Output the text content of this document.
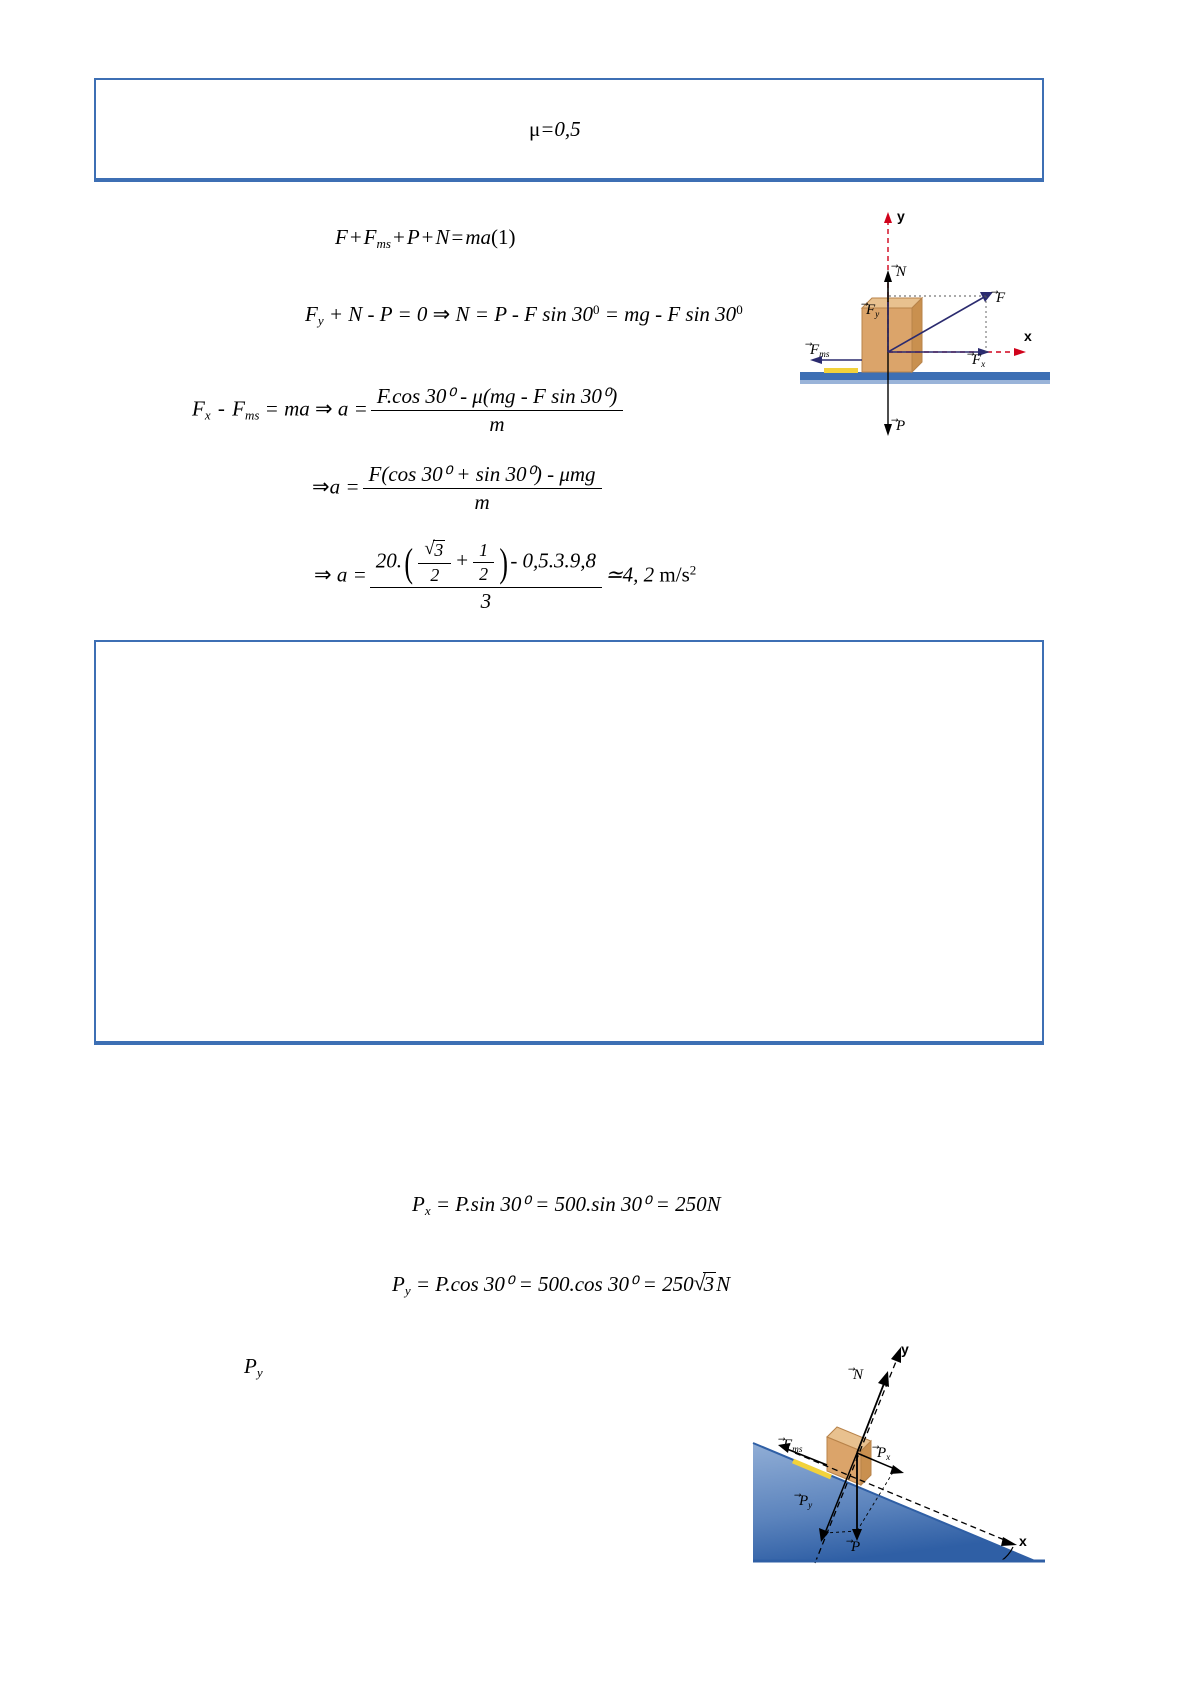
μ=0,5
$F+F_{ms}+P+N=ma(1)$
$F_y + N - P = 0$ ⇒ N = P - F $\sin 30^0$ = mg - F $\sin 30^0$
$F_x - F_{ms}$ = ma ⇒ $a = \frac{\text{F.cos 30⁰ - μ(mg - F sin 30⁰)}}{m}$
⇒a = $\frac{\text{F(cos 30⁰ + sin 30⁰) - μmg}}{m}$
⇒ $a = \frac{20.( √ \frac{3}{2} + \frac{1}{2} ) - 0,5.3.9,8}{3}$ ≃4, 2 $m/s^2$
y
x
N
F
$F_y$
$F_x$
$F_{ms}$
P
$P_x = P.\sin$ 30⁰ = 500.sin 30⁰ = 250N
$P_y = P.\cos$ 30⁰ = 500.cos 30⁰ = 250 √ 3N
$P_y$
y
x
N
$F_{ms}$	$P_x$
$P_y$
P
